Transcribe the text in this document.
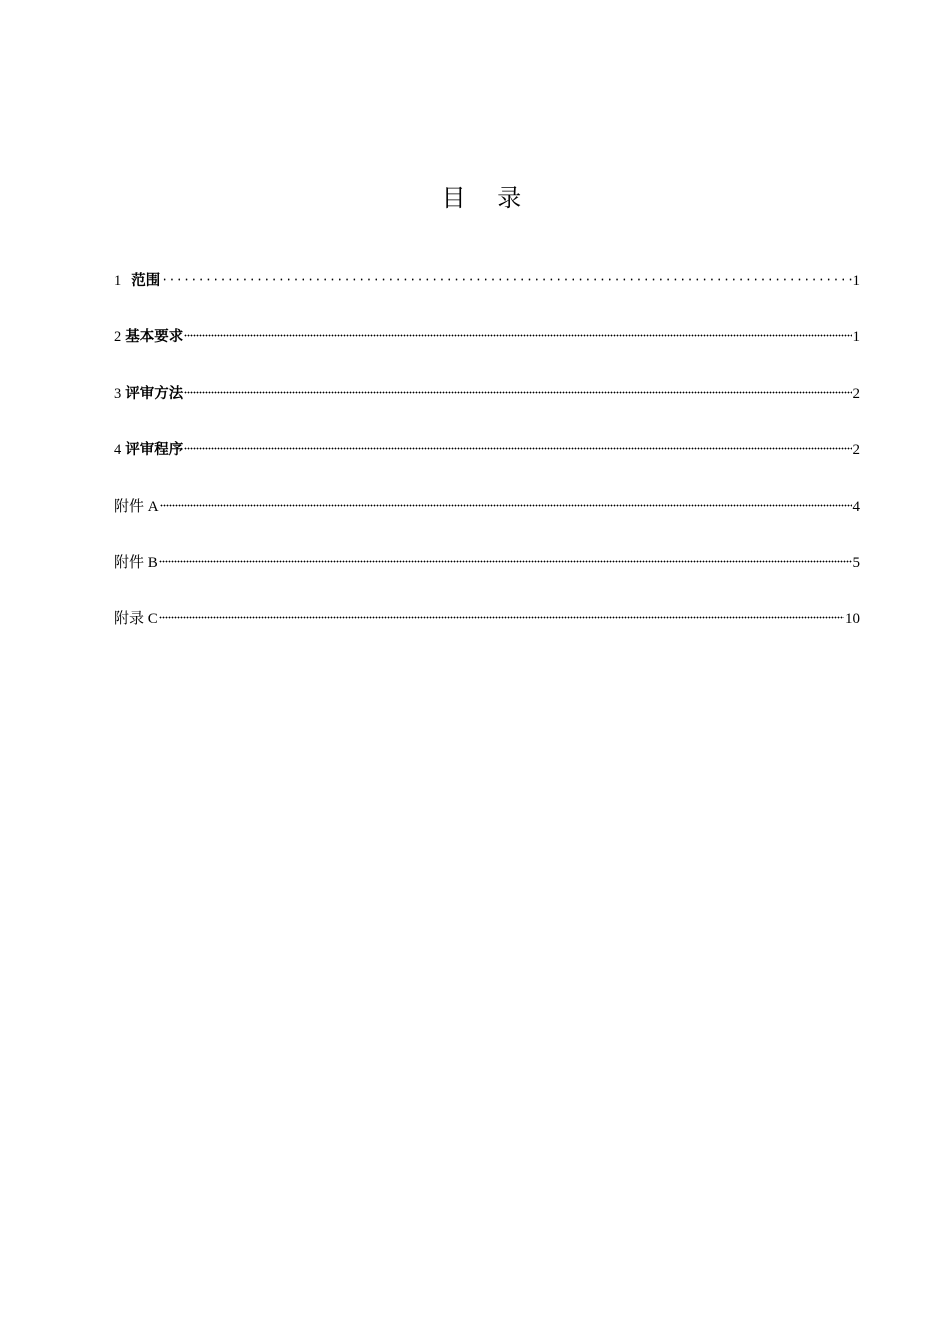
目 录
1 范围	1
2 基本要求	1
3 评审方法	2
4 评审程序	2
附件 A	4
附件 B	5
附录 C	10
